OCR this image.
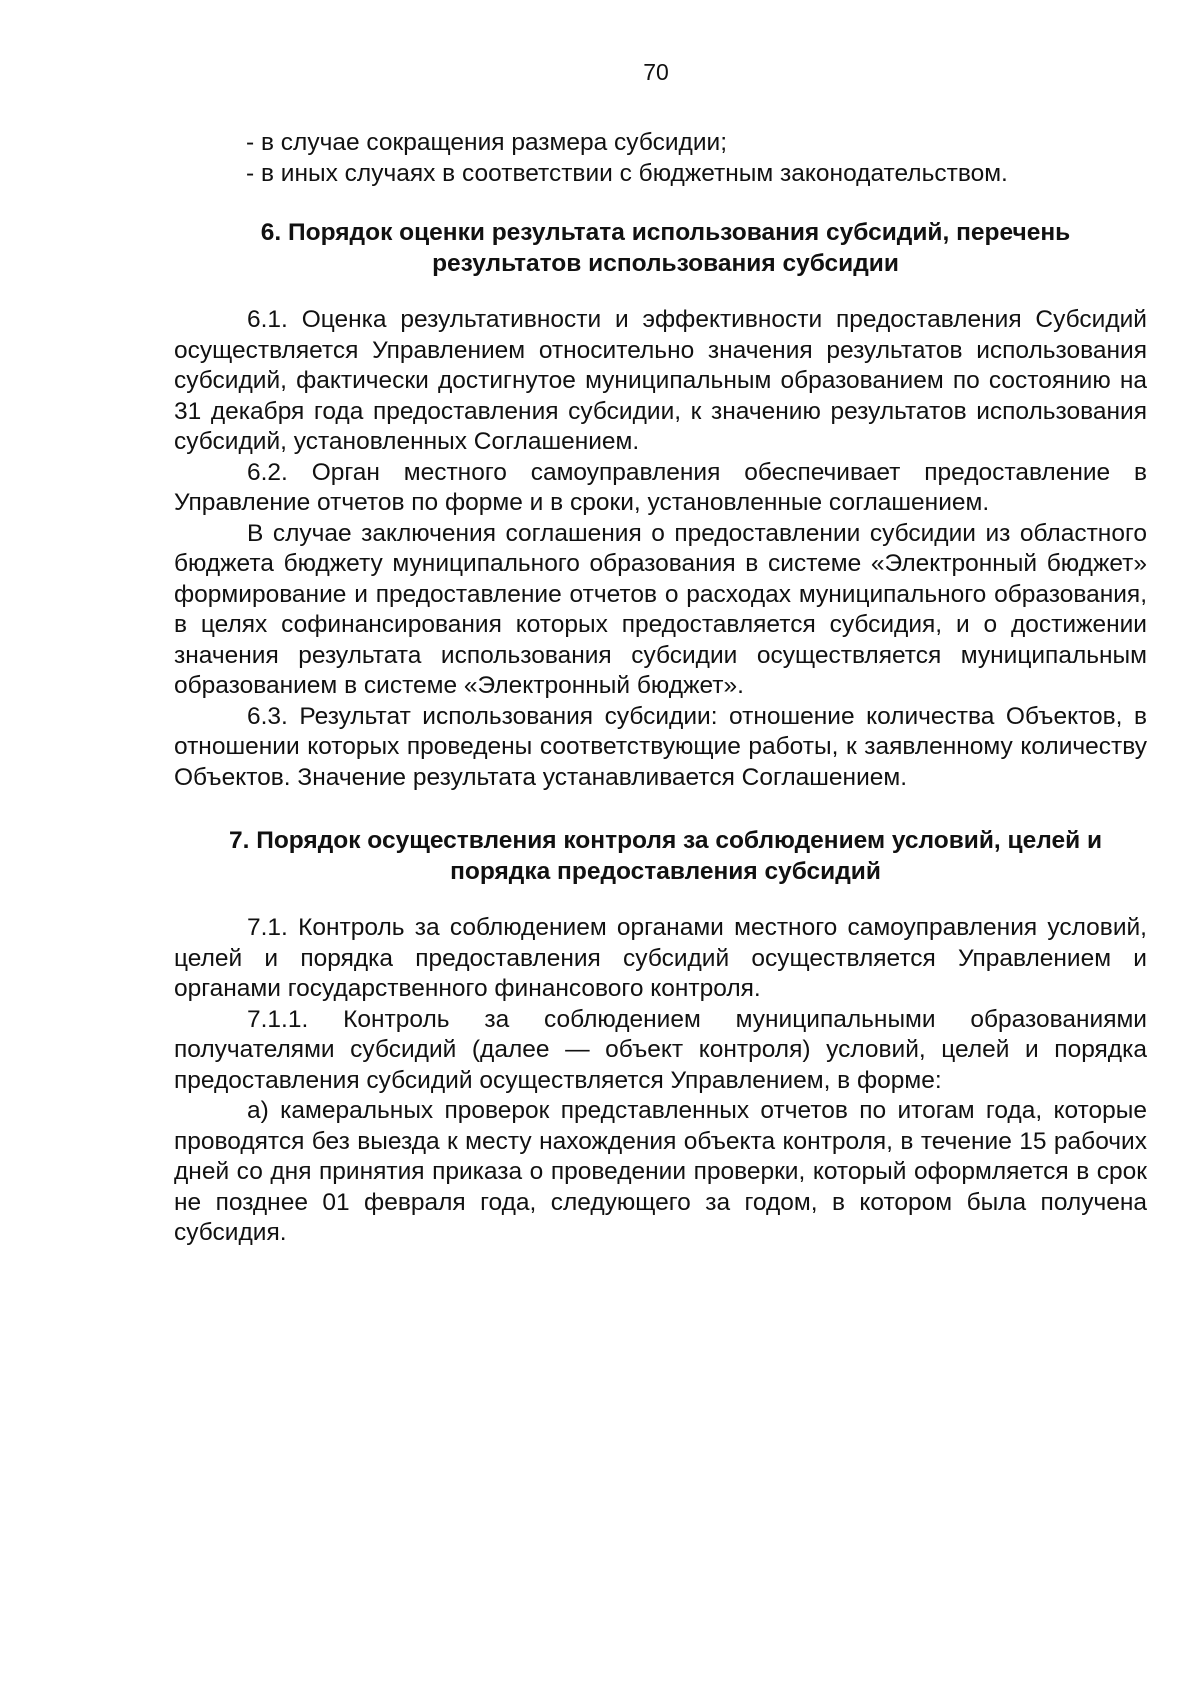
70

- в случае сокращения размера субсидии;

- в иных случаях в соответствии с бюджетным законодательством.

6. Порядок оценки результата использования субсидий, перечень результатов использования субсидии

6.1. Оценка результативности и эффективности предоставления Субсидий осуществляется Управлением относительно значения результатов использования субсидий, фактически достигнутое муниципальным образованием по состоянию на 31 декабря года предоставления субсидии, к значению результатов использования субсидий, установленных Соглашением.

6.2. Орган местного самоуправления обеспечивает предоставление в Управление отчетов по форме и в сроки, установленные соглашением.

В случае заключения соглашения о предоставлении субсидии из областного бюджета бюджету муниципального образования в системе «Электронный бюджет» формирование и предоставление отчетов о расходах муниципального образования, в целях софинансирования которых предоставляется субсидия, и о достижении значения результата использования субсидии осуществляется муниципальным образованием в системе «Электронный бюджет».

6.3. Результат использования субсидии: отношение количества Объектов, в отношении которых проведены соответствующие работы, к заявленному количеству Объектов. Значение результата устанавливается Соглашением.

7. Порядок осуществления контроля за соблюдением условий, целей и порядка предоставления субсидий

7.1. Контроль за соблюдением органами местного самоуправления условий, целей и порядка предоставления субсидий осуществляется Управлением и органами государственного финансового контроля.

7.1.1. Контроль за соблюдением муниципальными образованиями получателями субсидий (далее — объект контроля) условий, целей и порядка предоставления субсидий осуществляется Управлением, в форме:

а) камеральных проверок представленных отчетов по итогам года, которые проводятся без выезда к месту нахождения объекта контроля, в течение 15 рабочих дней со дня принятия приказа о проведении проверки, который оформляется в срок не позднее 01 февраля года, следующего за годом, в котором была получена субсидия.
